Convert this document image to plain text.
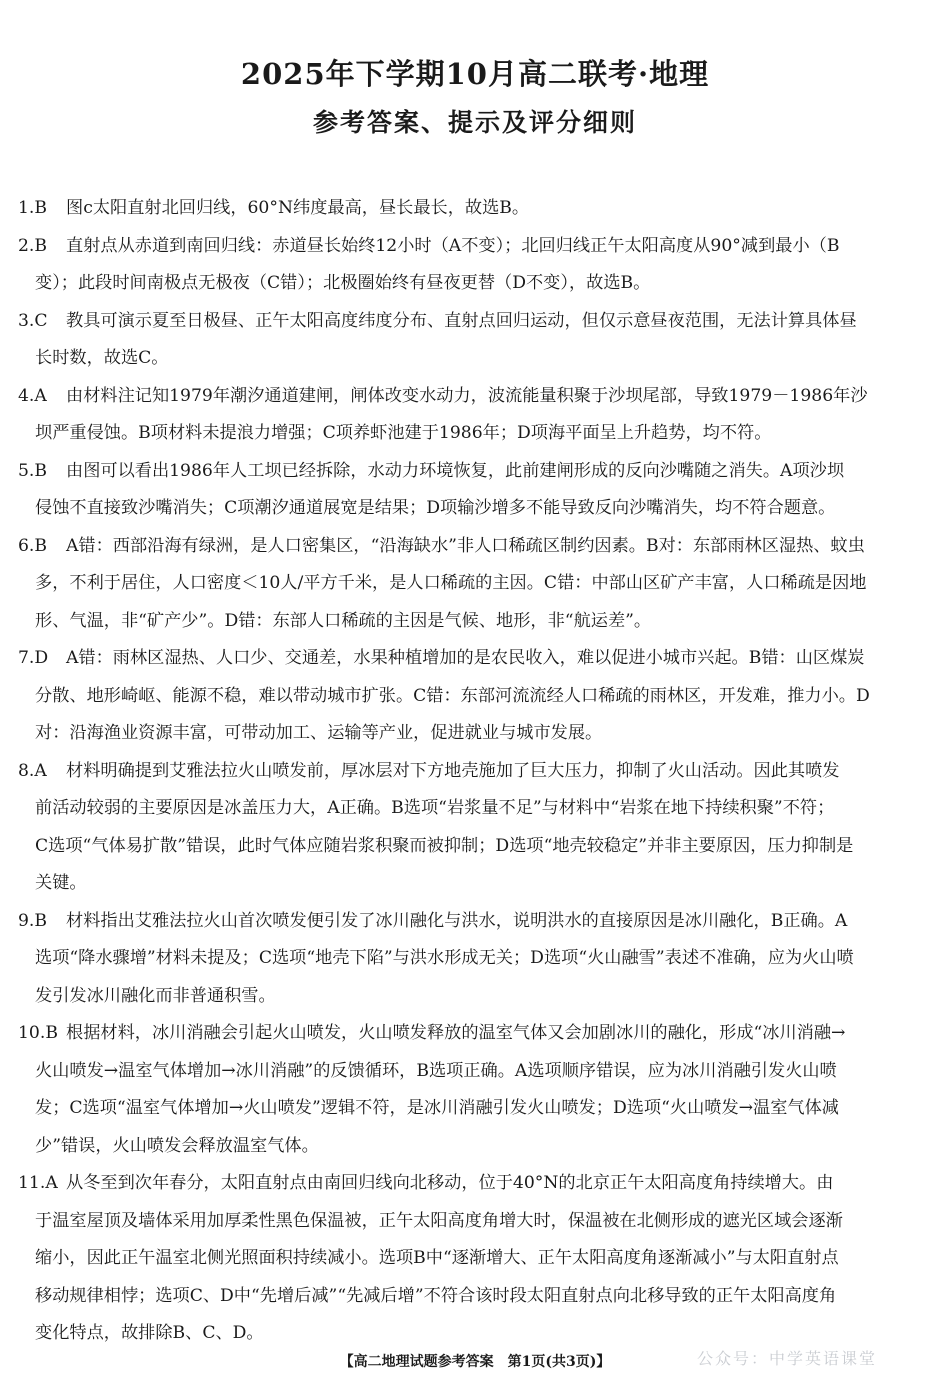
2025年下学期10月高二联考·地理
参考答案、提示及评分细则
1.B 图c太阳直射北回归线，60°N纬度最高，昼长最长，故选B。
2.B 直射点从赤道到南回归线：赤道昼长始终12小时（A不变）；北回归线正午太阳高度从90°减到最小（B
变）；此段时间南极点无极夜（C错）；北极圈始终有昼夜更替（D不变），故选B。
3.C 教具可演示夏至日极昼、正午太阳高度纬度分布、直射点回归运动，但仅示意昼夜范围，无法计算具体昼
长时数，故选C。
4.A 由材料注记知1979年潮汐通道建闸，闸体改变水动力，波流能量积聚于沙坝尾部，导致1979－1986年沙
坝严重侵蚀。B项材料未提浪力增强；C项养虾池建于1986年；D项海平面呈上升趋势，均不符。
5.B 由图可以看出1986年人工坝已经拆除，水动力环境恢复，此前建闸形成的反向沙嘴随之消失。A项沙坝
侵蚀不直接致沙嘴消失；C项潮汐通道展宽是结果；D项输沙增多不能导致反向沙嘴消失，均不符合题意。
6.B A错：西部沿海有绿洲，是人口密集区，“沿海缺水”非人口稀疏区制约因素。B对：东部雨林区湿热、蚊虫
多，不利于居住，人口密度＜10人/平方千米，是人口稀疏的主因。C错：中部山区矿产丰富，人口稀疏是因地
形、气温，非“矿产少”。D错：东部人口稀疏的主因是气候、地形，非“航运差”。
7.D A错：雨林区湿热、人口少、交通差，水果种植增加的是农民收入，难以促进小城市兴起。B错：山区煤炭
分散、地形崎岖、能源不稳，难以带动城市扩张。C错：东部河流流经人口稀疏的雨林区，开发难，推力小。D
对：沿海渔业资源丰富，可带动加工、运输等产业，促进就业与城市发展。
8.A 材料明确提到艾雅法拉火山喷发前，厚冰层对下方地壳施加了巨大压力，抑制了火山活动。因此其喷发
前活动较弱的主要原因是冰盖压力大，A正确。B选项“岩浆量不足”与材料中“岩浆在地下持续积聚”不符；
C选项“气体易扩散”错误，此时气体应随岩浆积聚而被抑制；D选项“地壳较稳定”并非主要原因，压力抑制是
关键。
9.B 材料指出艾雅法拉火山首次喷发便引发了冰川融化与洪水，说明洪水的直接原因是冰川融化，B正确。A
选项“降水骤增”材料未提及；C选项“地壳下陷”与洪水形成无关；D选项“火山融雪”表述不准确，应为火山喷
发引发冰川融化而非普通积雪。
10.B 根据材料，冰川消融会引起火山喷发，火山喷发释放的温室气体又会加剧冰川的融化，形成“冰川消融→
火山喷发→温室气体增加→冰川消融”的反馈循环，B选项正确。A选项顺序错误，应为冰川消融引发火山喷
发；C选项“温室气体增加→火山喷发”逻辑不符，是冰川消融引发火山喷发；D选项“火山喷发→温室气体减
少”错误，火山喷发会释放温室气体。
11.A 从冬至到次年春分，太阳直射点由南回归线向北移动，位于40°N的北京正午太阳高度角持续增大。由
于温室屋顶及墙体采用加厚柔性黑色保温被，正午太阳高度角增大时，保温被在北侧形成的遮光区域会逐渐
缩小，因此正午温室北侧光照面积持续减小。选项B中“逐渐增大、正午太阳高度角逐渐减小”与太阳直射点
移动规律相悖；选项C、D中“先增后减”“先减后增”不符合该时段太阳直射点向北移导致的正午太阳高度角
变化特点，故排除B、C、D。
【高二地理试题参考答案　第1页(共3页)】	公众号：中学英语课堂
